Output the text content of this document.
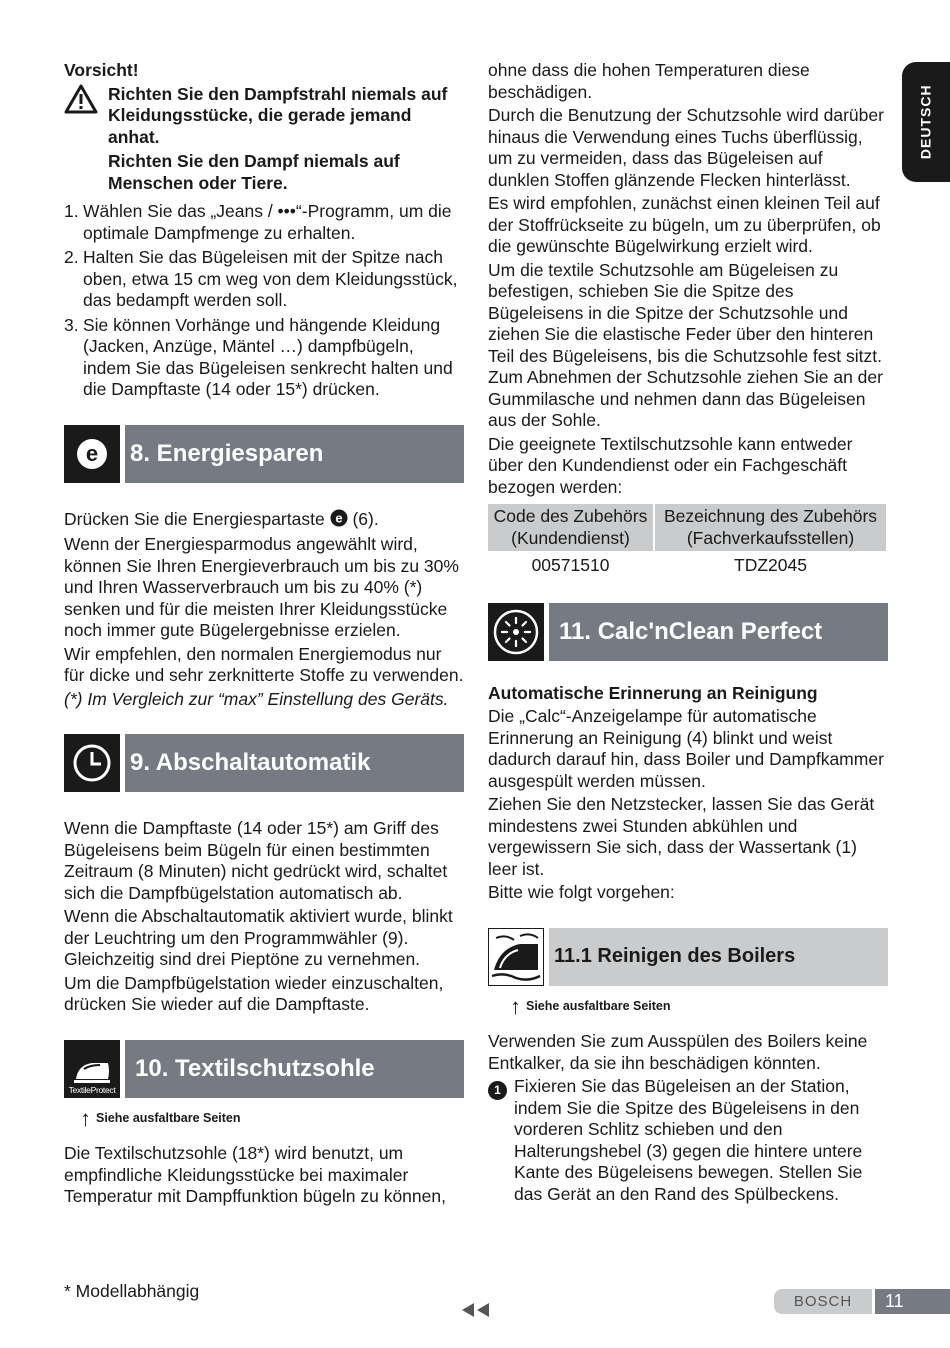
DEUTSCH
Vorsicht!

Richten Sie den Dampfstrahl niemals auf Kleidungsstücke, die gerade jemand anhat.

Richten Sie den Dampf niemals auf Menschen oder Tiere.

1. Wählen Sie das „Jeans / •••“-Programm, um die optimale Dampfmenge zu erhalten.
2. Halten Sie das Bügeleisen mit der Spitze nach oben, etwa 15 cm weg von dem Kleidungsstück, das bedampft werden soll.
3. Sie können Vorhänge und hängende Kleidung (Jacken, Anzüge, Mäntel …) dampfbügeln, indem Sie das Bügeleisen senkrecht halten und die Dampftaste (14 oder 15*) drücken.
e 8. Energiesparen

Drücken Sie die Energiespartaste e (6).

Wenn der Energiesparmodus angewählt wird, können Sie Ihren Energieverbrauch um bis zu 30% und Ihren Wasserverbrauch um bis zu 40% (*) senken und für die meisten Ihrer Kleidungsstücke noch immer gute Bügelergebnisse erzielen.

Wir empfehlen, den normalen Energiemodus nur für dicke und sehr zerknitterte Stoffe zu verwenden.

(*) Im Vergleich zur “max” Einstellung des Geräts.

9. Abschaltautomatik

Wenn die Dampftaste (14 oder 15*) am Griff des Bügeleisens beim Bügeln für einen bestimmten Zeitraum (8 Minuten) nicht gedrückt wird, schaltet sich die Dampfbügelstation automatisch ab.

Wenn die Abschaltautomatik aktiviert wurde, blinkt der Leuchtring um den Programmwähler (9). Gleichzeitig sind drei Pieptöne zu vernehmen.

Um die Dampfbügelstation wieder einzuschalten, drücken Sie wieder auf die Dampftaste.

TextileProtect
10. Textilschutzsohle
↑ Siehe ausfaltbare Seiten

Die Textilschutzsohle (18*) wird benutzt, um empfindliche Kleidungsstücke bei maximaler Temperatur mit Dampffunktion bügeln zu können,

ohne dass die hohen Temperaturen diese beschädigen.

Durch die Benutzung der Schutzsohle wird darüber hinaus die Verwendung eines Tuchs überflüssig, um zu vermeiden, dass das Bügeleisen auf dunklen Stoffen glänzende Flecken hinterlässt.

Es wird empfohlen, zunächst einen kleinen Teil auf der Stoffrückseite zu bügeln, um zu überprüfen, ob die gewünschte Bügelwirkung erzielt wird.

Um die textile Schutzsohle am Bügeleisen zu befestigen, schieben Sie die Spitze des Bügeleisens in die Spitze der Schutzsohle und ziehen Sie die elastische Feder über den hinteren Teil des Bügeleisens, bis die Schutzsohle fest sitzt. Zum Abnehmen der Schutzsohle ziehen Sie an der Gummilasche und nehmen dann das Bügeleisen aus der Sohle.

Die geeignete Textilschutzsohle kann entweder über den Kundendienst oder ein Fachgeschäft bezogen werden:

Code des Zubehörs (Kundendienst)	Bezeichnung des Zubehörs (Fachverkaufsstellen)
00571510	TDZ2045
11. Calc'nClean Perfect

Automatische Erinnerung an Reinigung

Die „Calc“-Anzeigelampe für automatische Erinnerung an Reinigung (4) blinkt und weist dadurch darauf hin, dass Boiler und Dampfkammer ausgespült werden müssen.

Ziehen Sie den Netzstecker, lassen Sie das Gerät mindestens zwei Stunden abkühlen und vergewissern Sie sich, dass der Wassertank (1) leer ist.

Bitte wie folgt vorgehen:

11.1 Reinigen des Boilers
↑ Siehe ausfaltbare Seiten

Verwenden Sie zum Ausspülen des Boilers keine Entkalker, da sie ihn beschädigen könnten.

1 Fixieren Sie das Bügeleisen an der Station, indem Sie die Spitze des Bügeleisens in den vorderen Schlitz schieben und den Halterungshebel (3) gegen die hintere untere Kante des Bügeleisens bewegen. Stellen Sie das Gerät an den Rand des Spülbeckens.
* Modellabhängig
BOSCH	11
